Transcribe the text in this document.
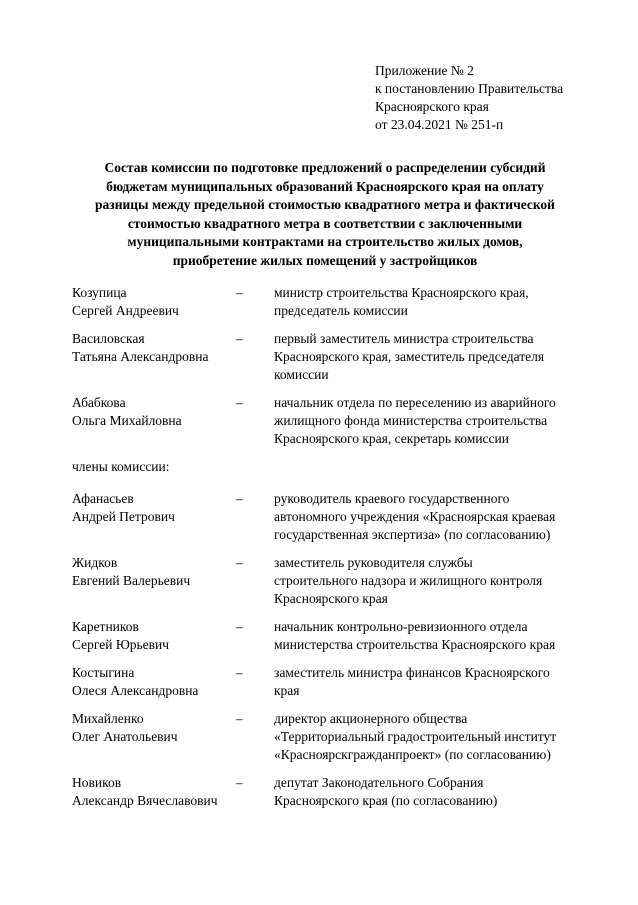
Приложение № 2
к постановлению Правительства
Красноярского края
от 23.04.2021 № 251-п
Состав комиссии по подготовке предложений о распределении субсидий
бюджетам муниципальных образований Красноярского края на оплату
разницы между предельной стоимостью квадратного метра и фактической
стоимостью квадратного метра в соответствии с заключенными
муниципальными контрактами на строительство жилых домов,
приобретение жилых помещений у застройщиков
Козупица
Сергей Андреевич
–	министр строительства Красноярского края,
председатель комиссии
Василовская
Татьяна Александровна
–	первый заместитель министра строительства
Красноярского края, заместитель председателя
комиссии
Абабкова
Ольга Михайловна
–	начальник отдела по переселению из аварийного
жилищного фонда министерства строительства
Красноярского края, секретарь комиссии
члены комиссии:
Афанасьев
Андрей Петрович
–	руководитель краевого государственного
автономного учреждения «Красноярская краевая
государственная экспертиза» (по согласованию)
Жидков
Евгений Валерьевич
–	заместитель руководителя службы
строительного надзора и жилищного контроля
Красноярского края
Каретников
Сергей Юрьевич
–	начальник контрольно-ревизионного отдела
министерства строительства Красноярского края
Костыгина
Олеся Александровна
–	заместитель министра финансов Красноярского
края
Михайленко
Олег Анатольевич
–	директор акционерного общества
«Территориальный градостроительный институт
«Красноярскгражданпроект» (по согласованию)
Новиков
Александр Вячеславович
–	депутат Законодательного Собрания
Красноярского края (по согласованию)
